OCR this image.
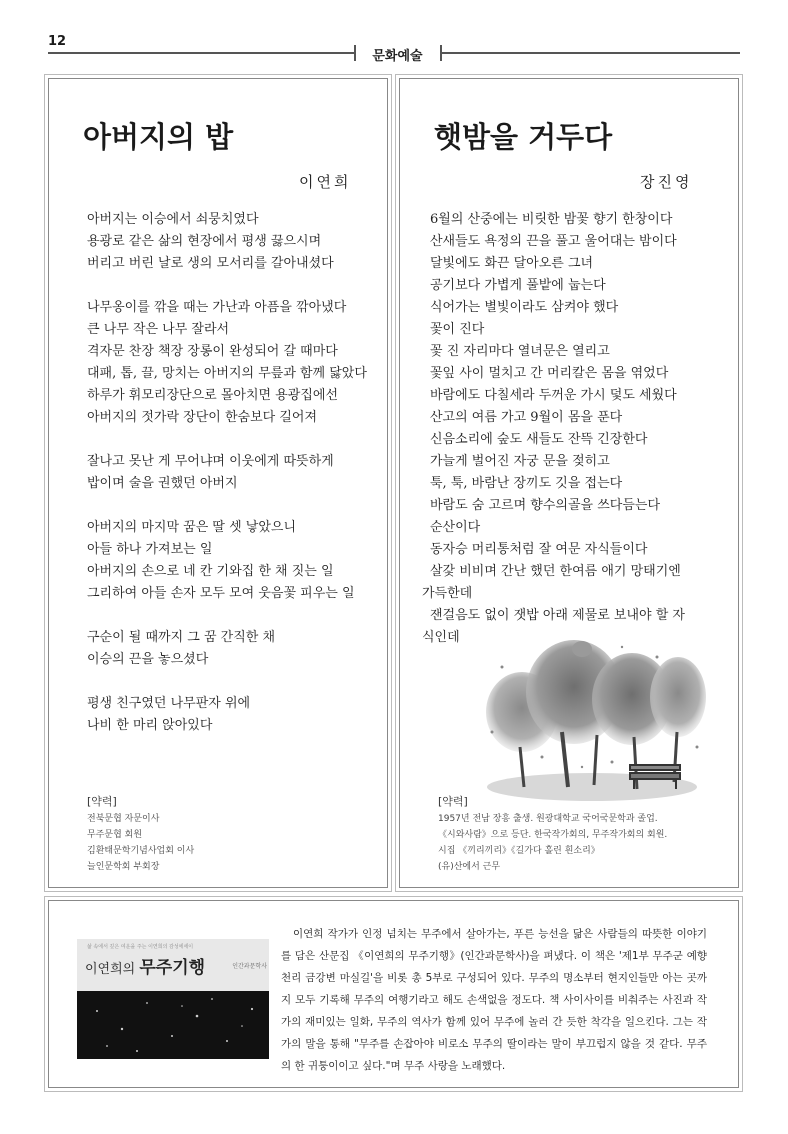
12
문화예술
아버지의 밥
이연희
아버지는 이승에서 쇠뭉치였다
용광로 같은 삶의 현장에서 평생 끓으시며
버리고 버린 날로 생의 모서리를 갈아내셨다
나무옹이를 깎을 때는 가난과 아픔을 깎아냈다
큰 나무 작은 나무 잘라서
격자문 찬장 책장 장롱이 완성되어 갈 때마다
대패, 톱, 끌, 망치는 아버지의 무릎과 함께 닳았다
하루가 휘모리장단으로 몰아치면 용광집에선
아버지의 젓가락 장단이 한숨보다 길어져
잘나고 못난 게 무어냐며 이웃에게 따뜻하게
밥이며 술을 권했던 아버지
아버지의 마지막 꿈은 딸 셋 낳았으니
아들 하나 가져보는 일
아버지의 손으로 네 칸 기와집 한 채 짓는 일
그리하여 아들 손자 모두 모여 웃음꽃 피우는 일
구순이 될 때까지 그 꿈 간직한 채
이승의 끈을 놓으셨다
평생 친구였던 나무판자 위에
나비 한 마리 앉아있다
[약력]
전북문협 자문이사
무주문협 회원
김환태문학기념사업회 이사
늘인문학회 부회장
햇밤을 거두다
장진영
6월의 산중에는 비릿한 밤꽃 향기 한창이다
산새들도 욕정의 끈을 풀고 울어대는 밤이다
달빛에도 화끈 달아오른 그녀
공기보다 가볍게 풀밭에 눕는다
식어가는 별빛이라도 삼켜야 했다
꽃이 진다
꽃 진 자리마다 열녀문은 열리고
꽃잎 사이 멀치고 간 머리칼은 몸을 엮었다
바람에도 다칠세라 두꺼운 가시 덫도 세웠다
산고의 여름 가고 9월이 몸을 푼다
신음소리에 숲도 새들도 잔뜩 긴장한다
가늘게 벌어진 자궁 문을 젖히고
툭, 툭, 바람난 장끼도 깃을 접는다
바람도 숨 고르며 향수의골을 쓰다듬는다
순산이다
동자승 머리통처럼 잘 여문 자식들이다
살갗 비비며 간난 했던 한여름 애기 망태기엔
가득한데
잰걸음도 없이 잿밥 아래 제물로 보내야 할 자
식인데
[약력]
1957년 전남 장흥 출생. 원광대학교 국어국문학과 졸업.
《시와사람》으로 등단. 한국작가회의, 무주작가회의 회원.
시집 《끼리끼리》《길가다 홀린 흰소리》
(유)산에서 근무
삶 속에서 깊은 여운을 주는 이연희의 감성에세이
이연희의 무주기행	인간과문학사
이연희 작가가 인정 넘치는 무주에서 살아가는, 푸른 능선을 닮은 사람들의 따뜻한 이야기를 담은 산문집 《이연희의 무주기행》(인간과문학사)을 펴냈다. 이 책은 '제1부 무주군 예향천리 금강변 마실길'을 비롯 총 5부로 구성되어 있다. 무주의 명소부터 현지인들만 아는 곳까지 모두 기록해 무주의 여행기라고 해도 손색없을 정도다. 책 사이사이를 비춰주는 사진과 작가의 재미있는 일화, 무주의 역사가 함께 있어 무주에 놀러 간 듯한 착각을 일으킨다. 그는 작가의 말을 통해 "무주를 손잡아야 비로소 무주의 딸이라는 말이 부끄럽지 않을 것 같다. 무주의 한 귀퉁이이고 싶다."며 무주 사랑을 노래했다.
